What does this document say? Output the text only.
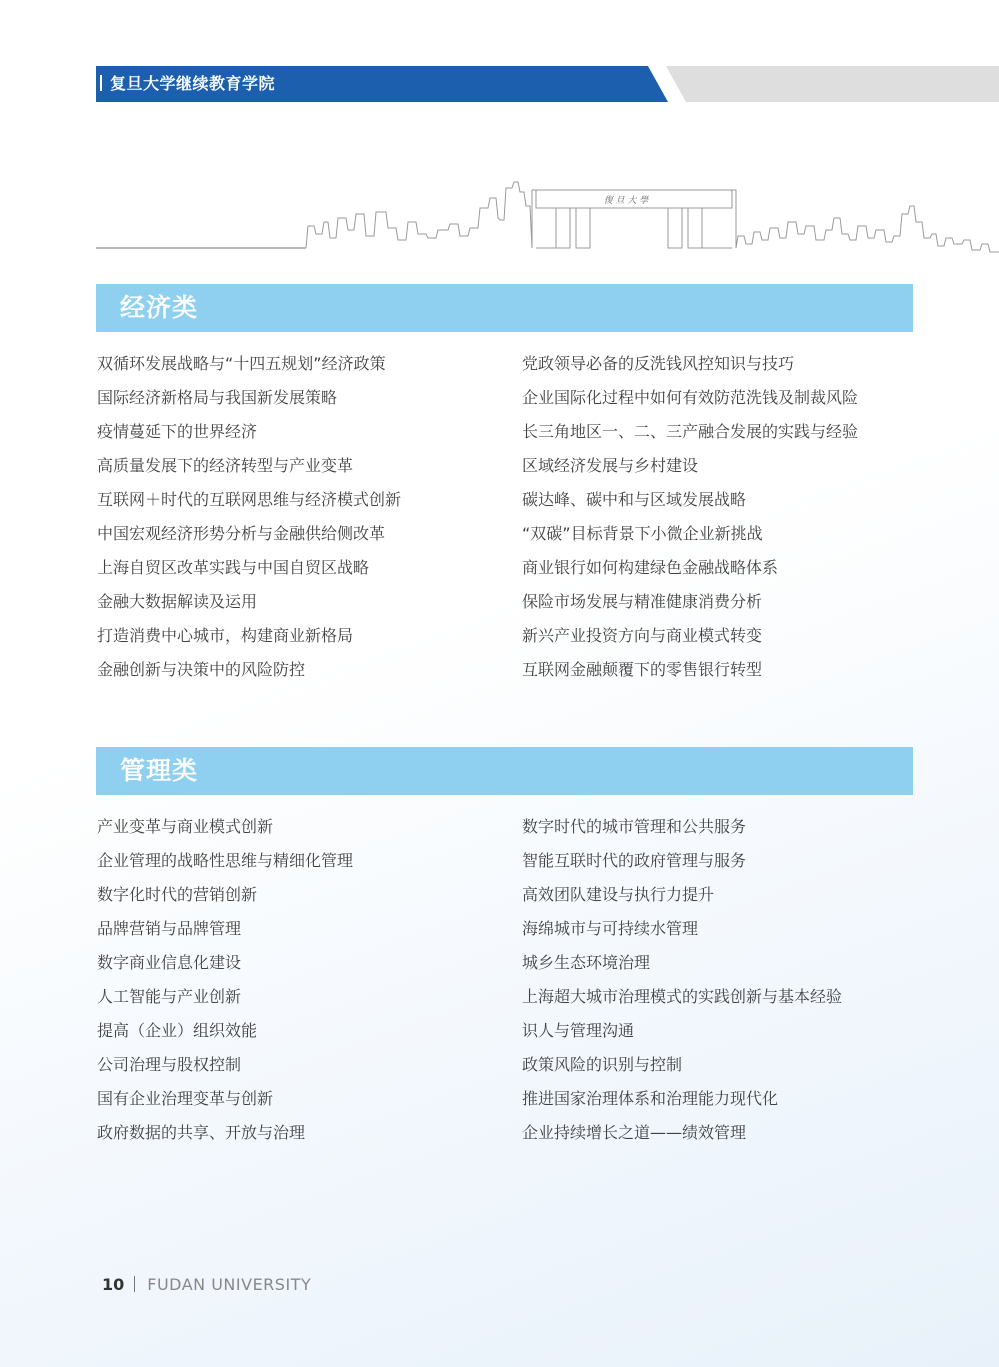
复旦大学继续教育学院
復 旦 大 學
经济类
双循环发展战略与“十四五规划”经济政策
国际经济新格局与我国新发展策略
疫情蔓延下的世界经济
高质量发展下的经济转型与产业变革
互联网＋时代的互联网思维与经济模式创新
中国宏观经济形势分析与金融供给侧改革
上海自贸区改革实践与中国自贸区战略
金融大数据解读及运用
打造消费中心城市，构建商业新格局
金融创新与决策中的风险防控
党政领导必备的反洗钱风控知识与技巧
企业国际化过程中如何有效防范洗钱及制裁风险
长三角地区一、二、三产融合发展的实践与经验
区域经济发展与乡村建设
碳达峰、碳中和与区域发展战略
“双碳”目标背景下小微企业新挑战
商业银行如何构建绿色金融战略体系
保险市场发展与精准健康消费分析
新兴产业投资方向与商业模式转变
互联网金融颠覆下的零售银行转型
管理类
产业变革与商业模式创新
企业管理的战略性思维与精细化管理
数字化时代的营销创新
品牌营销与品牌管理
数字商业信息化建设
人工智能与产业创新
提高（企业）组织效能
公司治理与股权控制
国有企业治理变革与创新
政府数据的共享、开放与治理
数字时代的城市管理和公共服务
智能互联时代的政府管理与服务
高效团队建设与执行力提升
海绵城市与可持续水管理
城乡生态环境治理
上海超大城市治理模式的实践创新与基本经验
识人与管理沟通
政策风险的识别与控制
推进国家治理体系和治理能力现代化
企业持续增长之道——绩效管理
10 FUDAN UNIVERSITY
